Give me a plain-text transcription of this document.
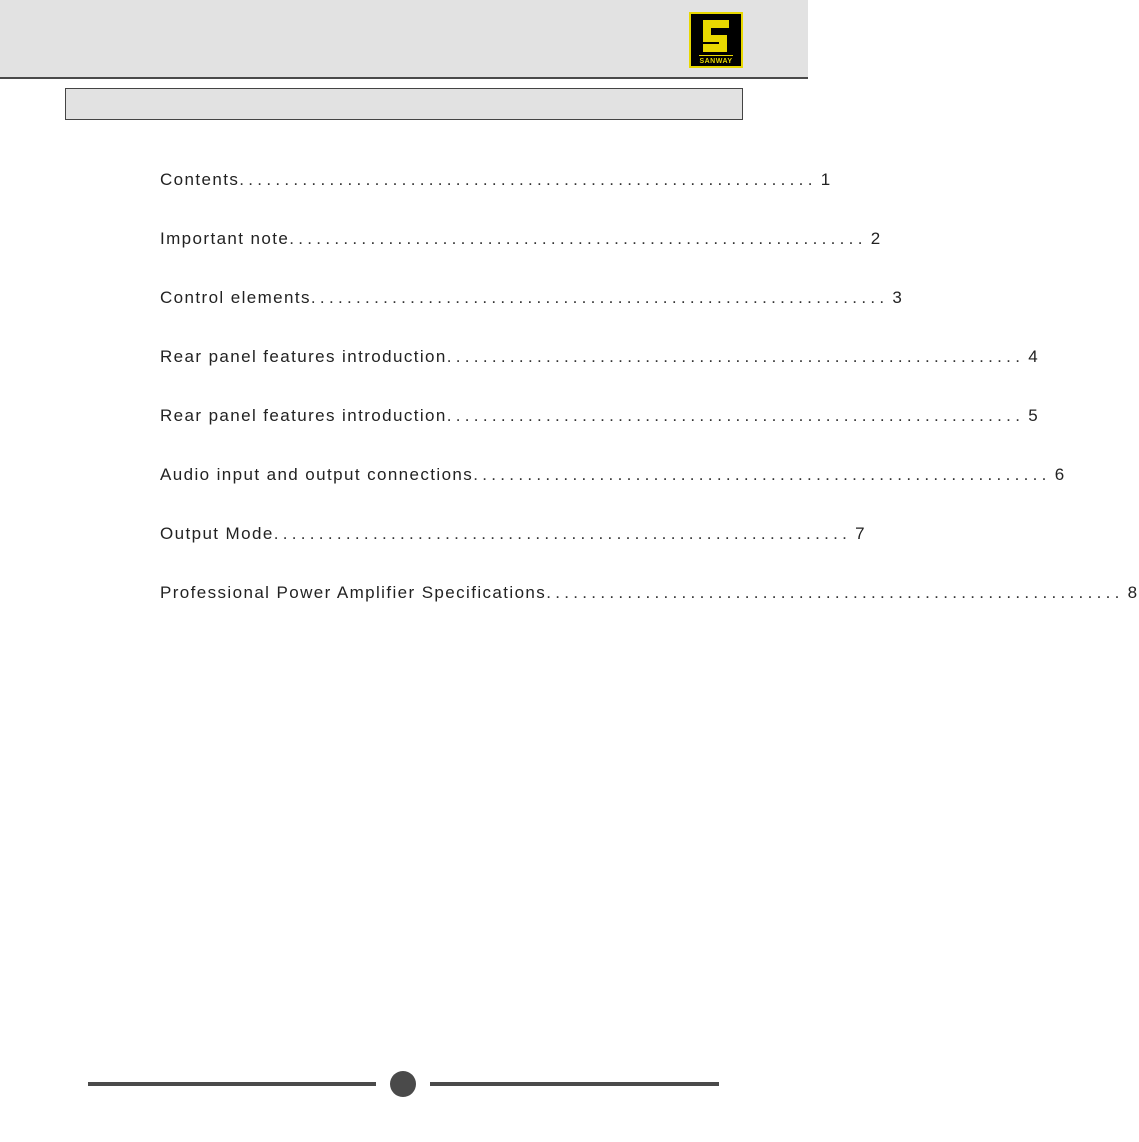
SANWAY
Contents ................................................................ 1
Important note ................................................................ 2
Control elements ................................................................ 3
Rear panel features introduction ................................................................ 4
Rear panel features introduction ................................................................ 5
Audio input and output connections ................................................................ 6
Output Mode ................................................................ 7
Professional Power Amplifier Specifications ................................................................ 8
